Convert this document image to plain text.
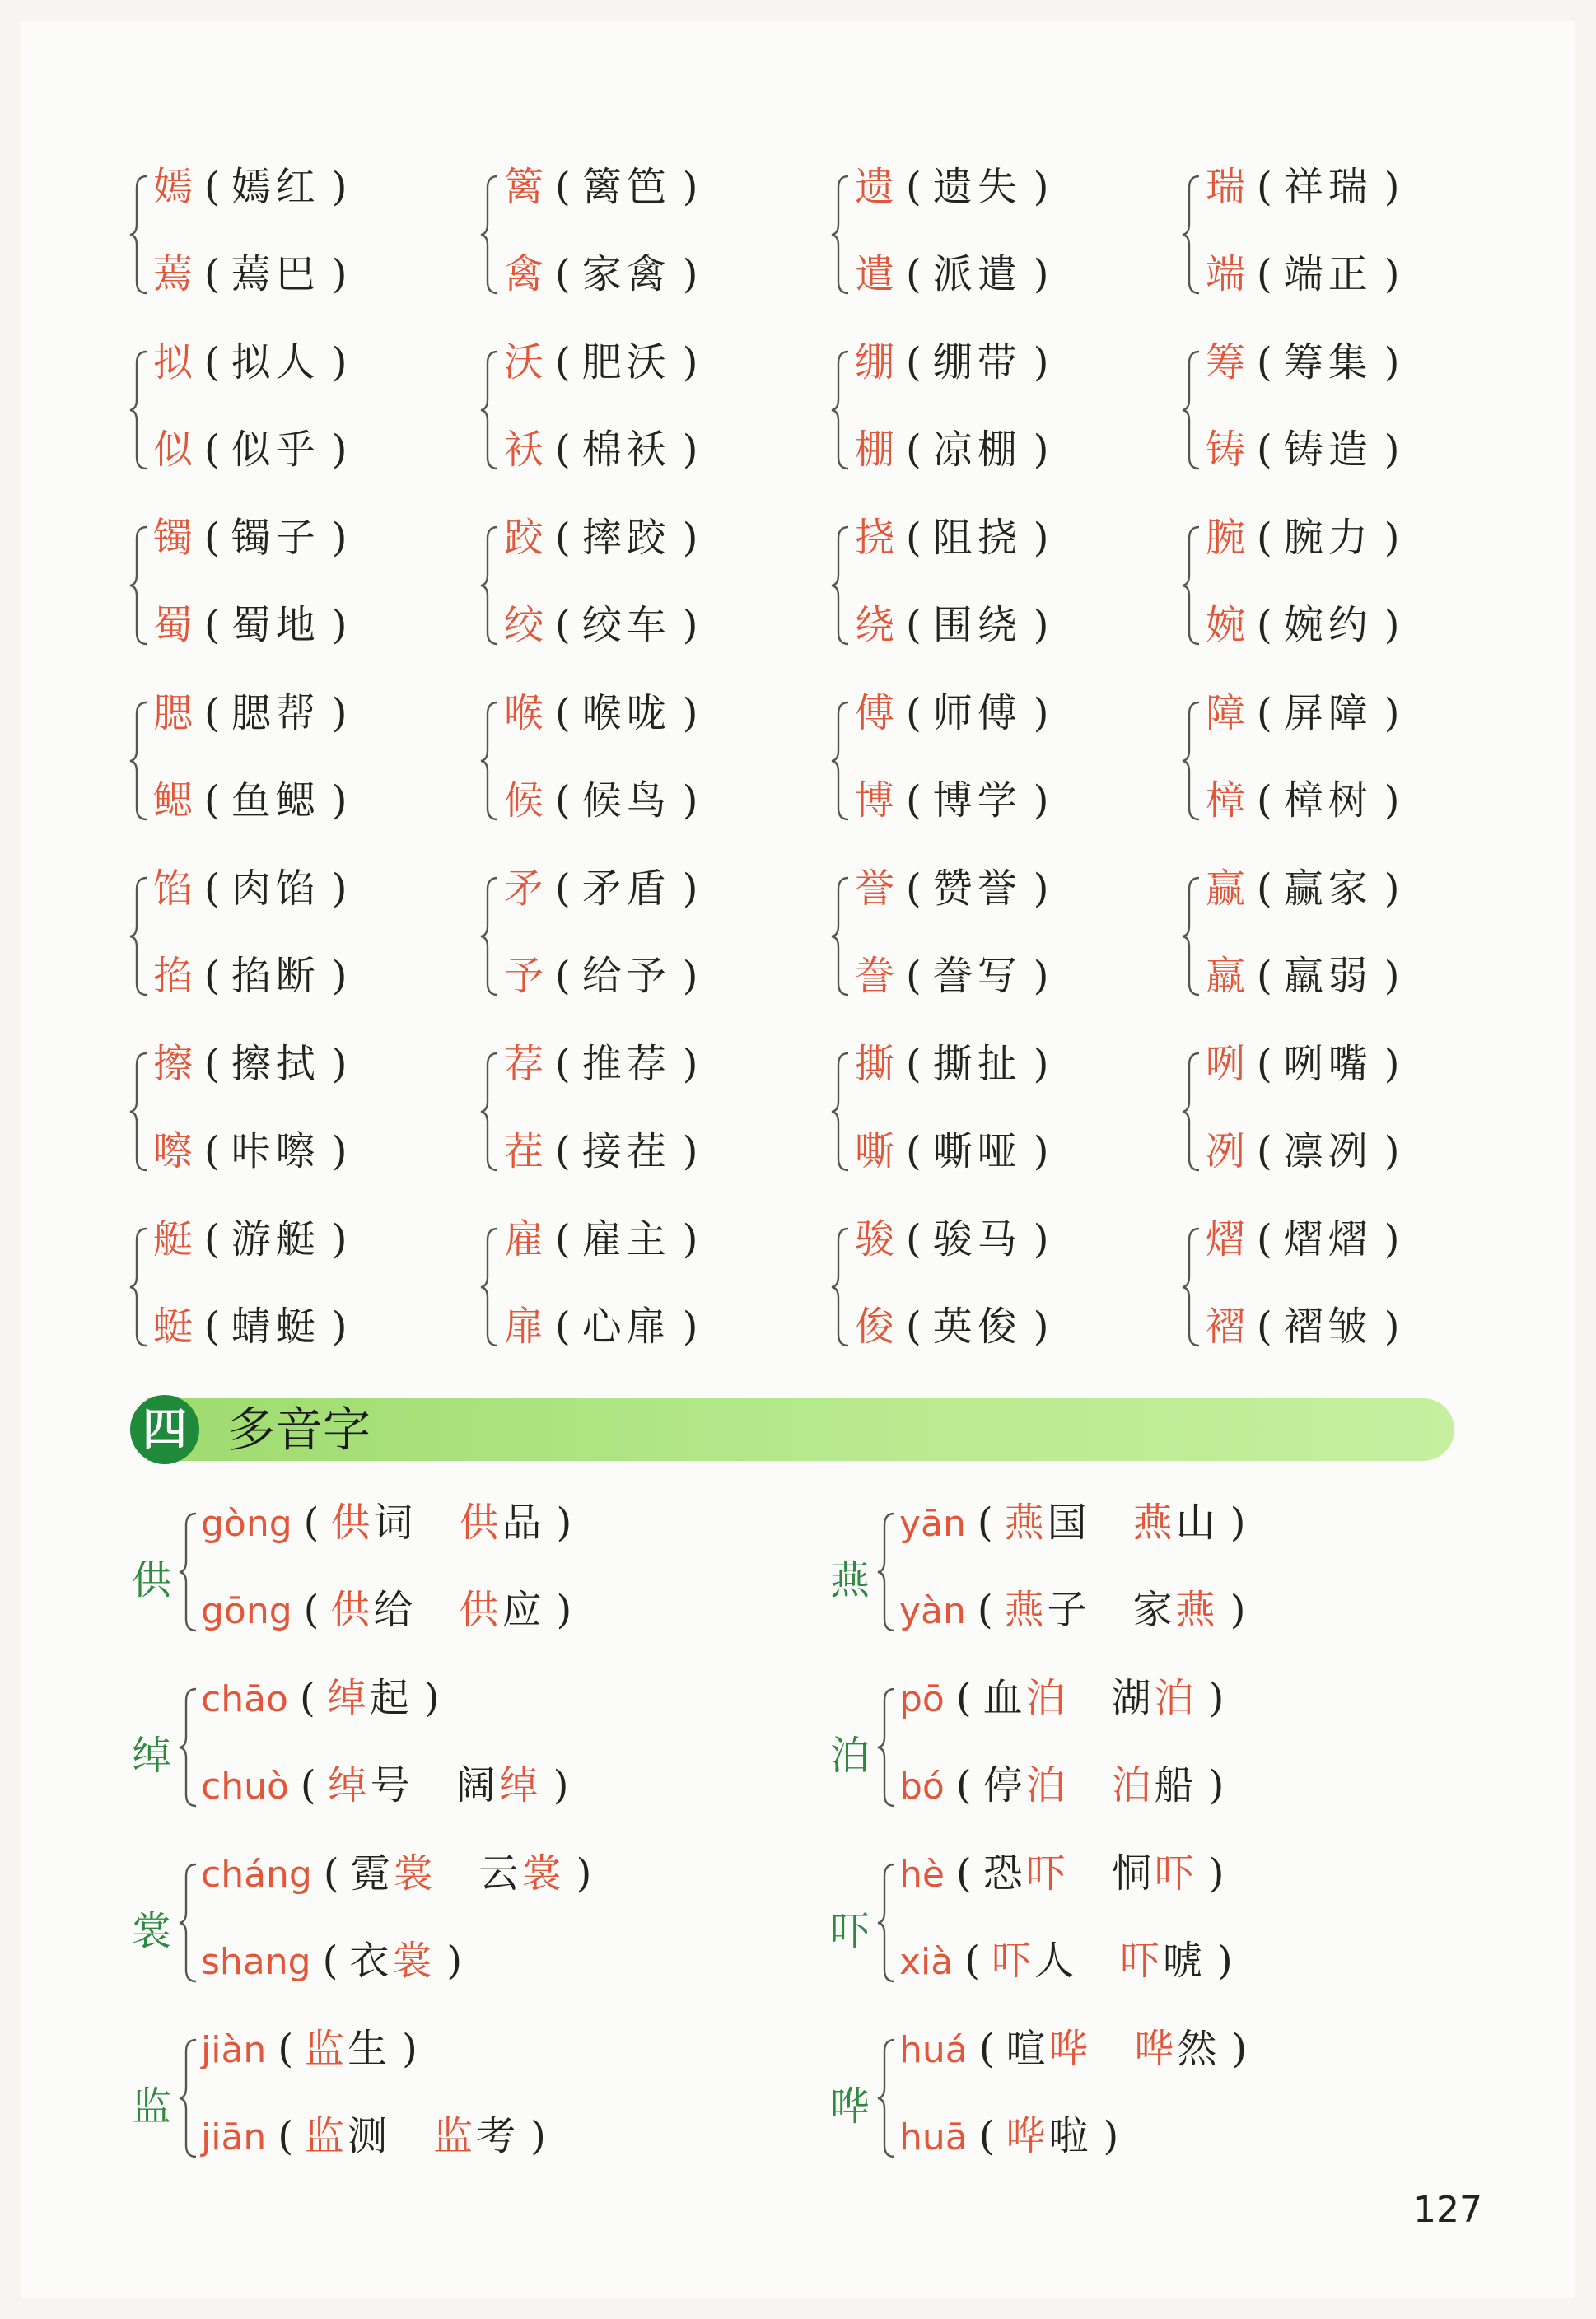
嫣 ( 嫣红 )
蔫 ( 蔫巴 )
篱 ( 篱笆 )
禽 ( 家禽 )
遗 ( 遗失 )
遣 ( 派遣 )
瑞 ( 祥瑞 )
端 ( 端正 )
拟 ( 拟人 )
似 ( 似乎 )
沃 ( 肥沃 )
袄 ( 棉袄 )
绷 ( 绷带 )
棚 ( 凉棚 )
筹 ( 筹集 )
铸 ( 铸造 )
镯 ( 镯子 )
蜀 ( 蜀地 )
跤 ( 摔跤 )
绞 ( 绞车 )
挠 ( 阻挠 )
绕 ( 围绕 )
腕 ( 腕力 )
婉 ( 婉约 )
腮 ( 腮帮 )
鳃 ( 鱼鳃 )
喉 ( 喉咙 )
候 ( 候鸟 )
傅 ( 师傅 )
博 ( 博学 )
障 ( 屏障 )
樟 ( 樟树 )
馅 ( 肉馅 )
掐 ( 掐断 )
矛 ( 矛盾 )
予 ( 给予 )
誉 ( 赞誉 )
誊 ( 誊写 )
赢 ( 赢家 )
羸 ( 羸弱 )
擦 ( 擦拭 )
嚓 ( 咔嚓 )
荐 ( 推荐 )
茬 ( 接茬 )
撕 ( 撕扯 )
嘶 ( 嘶哑 )
咧 ( 咧嘴 )
冽 ( 凛冽 )
艇 ( 游艇 )
蜓 ( 蜻蜓 )
雇 ( 雇主 )
扉 ( 心扉 )
骏 ( 骏马 )
俊 ( 英俊 )
熠 ( 熠熠 )
褶 ( 褶皱 )
四 多音字
供
gòng ( 供词 供品 )
gōng ( 供给 供应 )
燕
yān ( 燕国 燕山 )
yàn ( 燕子 家燕 )
绰
chāo ( 绰起 )
chuò ( 绰号 阔绰 )
泊
pō ( 血泊 湖泊 )
bó ( 停泊 泊船 )
裳
cháng ( 霓裳 云裳 )
shang ( 衣裳 )
吓
hè ( 恐吓 恫吓 )
xià ( 吓人 吓唬 )
监
jiàn ( 监生 )
jiān ( 监测 监考 )
哗
huá ( 喧哗 哗然 )
huā ( 哗啦 )
127
